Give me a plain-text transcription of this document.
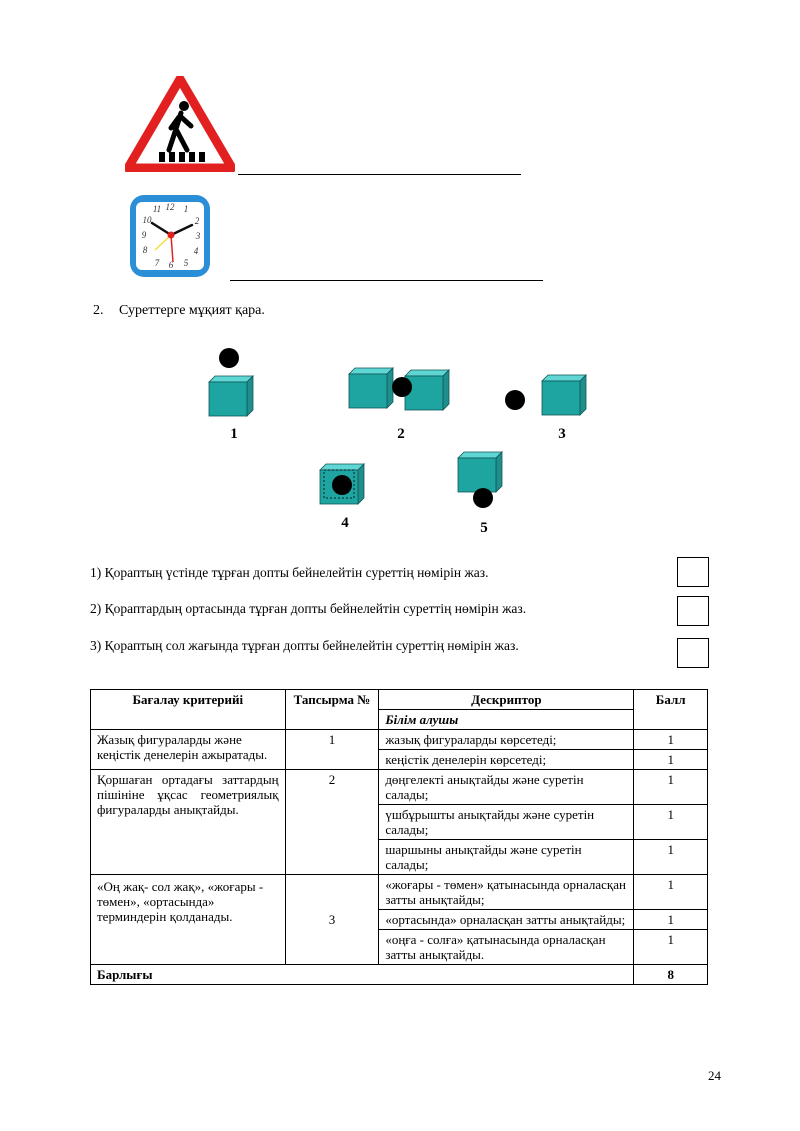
11 12 1
2
3
4
5
6
7
8
9
10
2. Суреттерге мұқият қара.
1	2	3
4	5
1) Қораптың үстінде тұрған допты бейнелейтін суреттің нөмірін жаз.
2) Қораптардың ортасында тұрған допты бейнелейтін суреттің нөмірін жаз.
3) Қораптың сол жағында тұрған допты бейнелейтін суреттің нөмірін жаз.
Бағалау критерийі	Тапсырма №	Дескриптор	Балл
		Білім алушы	
Жазық фигураларды және кеңістік денелерін ажыратады.	1	жазық фигураларды көрсетеді;	1
		кеңістік денелерін көрсетеді;	1
Қоршаған ортадағы заттардың пішініне ұқсас геометриялық фигураларды анықтайды.	2	дөңгелекті анықтайды және суретін салады;	1
		үшбұрышты анықтайды және суретін салады;	1
		шаршыны анықтайды және суретін салады;	1
«Оң жақ- сол жақ», «жоғары - төмен», «ортасында» терминдерін қолданады.	3	«жоғары - төмен» қатынасында орналасқан затты анықтайды;	1
		«ортасында» орналасқан затты анықтайды;	1
		«оңға - солға» қатынасында орналасқан затты анықтайды.	1
Барлығы			8
24
